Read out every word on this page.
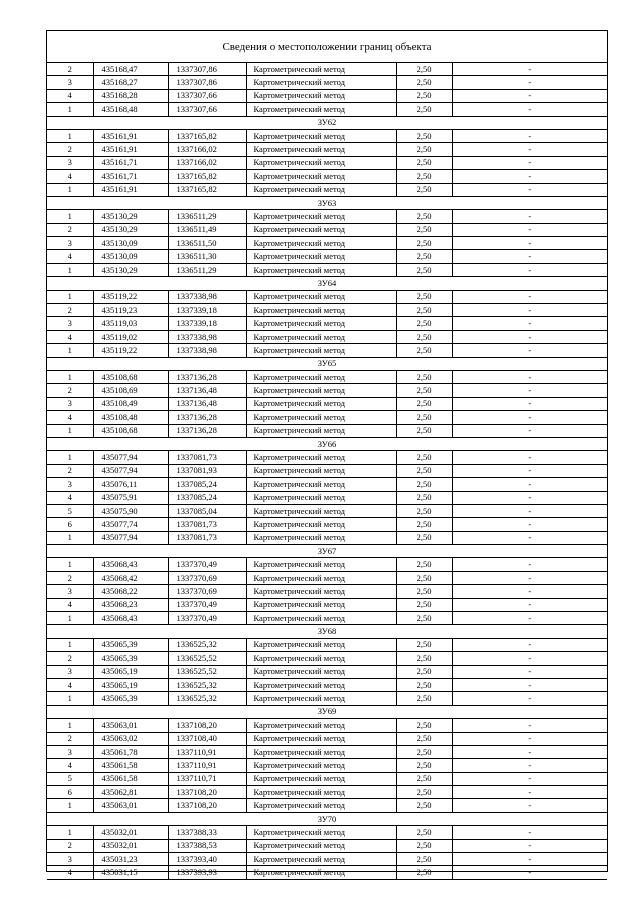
Сведения о местоположении границ объекта
2	435168,47	1337307,86	Картометрический метод	2,50	-
3	435168,27	1337307,86	Картометрический метод	2,50	-
4	435168,28	1337307,66	Картометрический метод	2,50	-
1	435168,48	1337307,66	Картометрический метод	2,50	-
ЗУ62					
1	435161,91	1337165,82	Картометрический метод	2,50	-
2	435161,91	1337166,02	Картометрический метод	2,50	-
3	435161,71	1337166,02	Картометрический метод	2,50	-
4	435161,71	1337165,82	Картометрический метод	2,50	-
1	435161,91	1337165,82	Картометрический метод	2,50	-
ЗУ63					
1	435130,29	1336511,29	Картометрический метод	2,50	-
2	435130,29	1336511,49	Картометрический метод	2,50	-
3	435130,09	1336511,50	Картометрический метод	2,50	-
4	435130,09	1336511,30	Картометрический метод	2,50	-
1	435130,29	1336511,29	Картометрический метод	2,50	-
ЗУ64					
1	435119,22	1337338,98	Картометрический метод	2,50	-
2	435119,23	1337339,18	Картометрический метод	2,50	-
3	435119,03	1337339,18	Картометрический метод	2,50	-
4	435119,02	1337338,98	Картометрический метод	2,50	-
1	435119,22	1337338,98	Картометрический метод	2,50	-
ЗУ65					
1	435108,68	1337136,28	Картометрический метод	2,50	-
2	435108,69	1337136,48	Картометрический метод	2,50	-
3	435108,49	1337136,48	Картометрический метод	2,50	-
4	435108,48	1337136,28	Картометрический метод	2,50	-
1	435108,68	1337136,28	Картометрический метод	2,50	-
ЗУ66					
1	435077,94	1337081,73	Картометрический метод	2,50	-
2	435077,94	1337081,93	Картометрический метод	2,50	-
3	435076,11	1337085,24	Картометрический метод	2,50	-
4	435075,91	1337085,24	Картометрический метод	2,50	-
5	435075,90	1337085,04	Картометрический метод	2,50	-
6	435077,74	1337081,73	Картометрический метод	2,50	-
1	435077,94	1337081,73	Картометрический метод	2,50	-
ЗУ67					
1	435068,43	1337370,49	Картометрический метод	2,50	-
2	435068,42	1337370,69	Картометрический метод	2,50	-
3	435068,22	1337370,69	Картометрический метод	2,50	-
4	435068,23	1337370,49	Картометрический метод	2,50	-
1	435068,43	1337370,49	Картометрический метод	2,50	-
ЗУ68					
1	435065,39	1336525,32	Картометрический метод	2,50	-
2	435065,39	1336525,52	Картометрический метод	2,50	-
3	435065,19	1336525,52	Картометрический метод	2,50	-
4	435065,19	1336525,32	Картометрический метод	2,50	-
1	435065,39	1336525,32	Картометрический метод	2,50	-
ЗУ69					
1	435063,01	1337108,20	Картометрический метод	2,50	-
2	435063,02	1337108,40	Картометрический метод	2,50	-
3	435061,78	1337110,91	Картометрический метод	2,50	-
4	435061,58	1337110,91	Картометрический метод	2,50	-
5	435061,58	1337110,71	Картометрический метод	2,50	-
6	435062,81	1337108,20	Картометрический метод	2,50	-
1	435063,01	1337108,20	Картометрический метод	2,50	-
ЗУ70					
1	435032,01	1337388,33	Картометрический метод	2,50	-
2	435032,01	1337388,53	Картометрический метод	2,50	-
3	435031,23	1337393,40	Картометрический метод	2,50	-
4	435031,15	1337393,93	Картометрический метод	2,50	-
